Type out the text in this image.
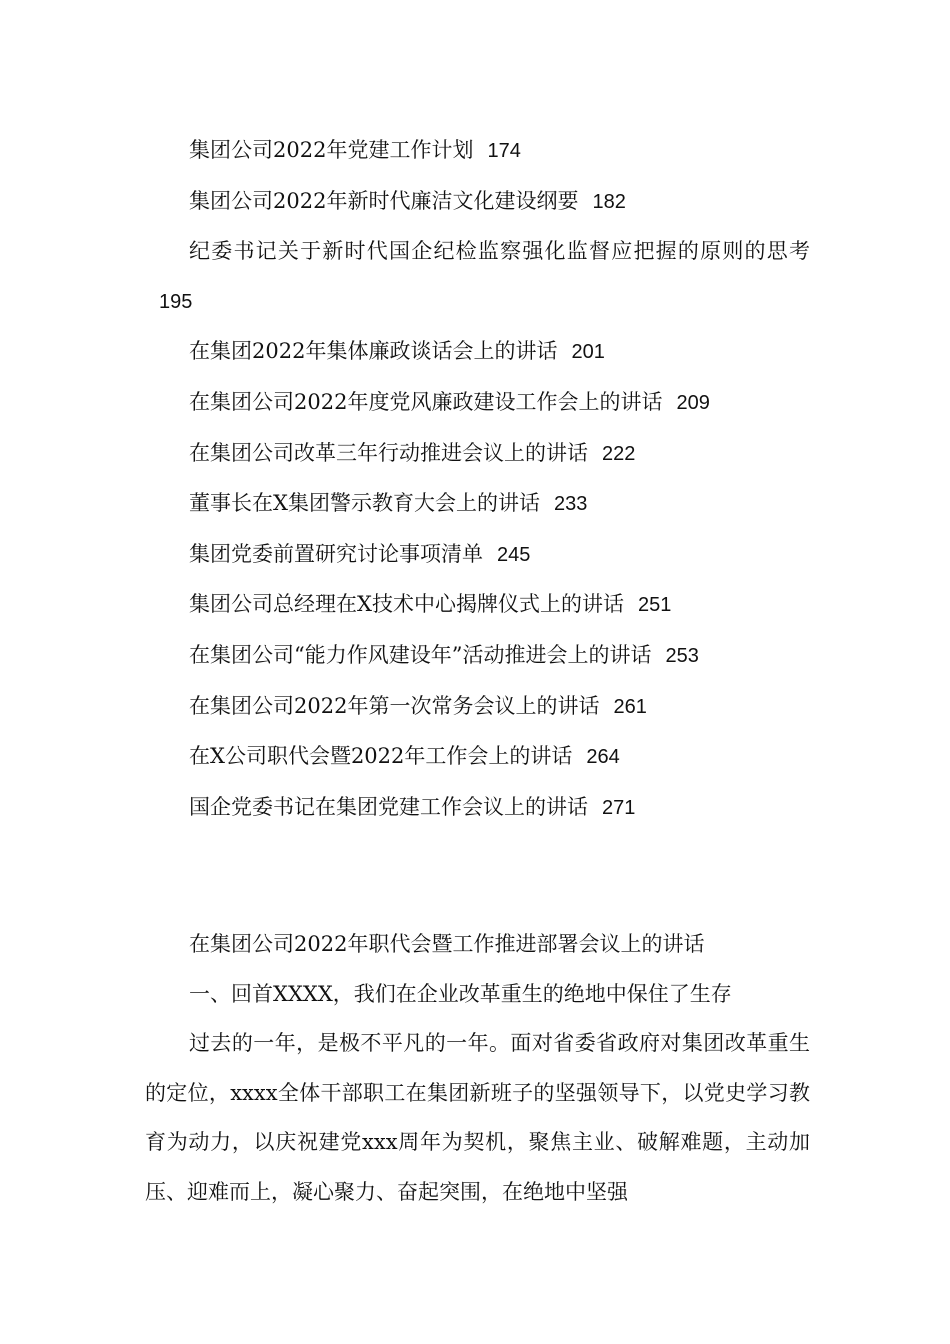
集团公司2022年党建工作计划 174
集团公司2022年新时代廉洁文化建设纲要 182
纪委书记关于新时代国企纪检监察强化监督应把握的原则的思考195
在集团2022年集体廉政谈话会上的讲话 201
在集团公司2022年度党风廉政建设工作会上的讲话 209
在集团公司改革三年行动推进会议上的讲话 222
董事长在X集团警示教育大会上的讲话 233
集团党委前置研究讨论事项清单 245
集团公司总经理在X技术中心揭牌仪式上的讲话 251
在集团公司“能力作风建设年”活动推进会上的讲话 253
在集团公司2022年第一次常务会议上的讲话 261
在X公司职代会暨2022年工作会上的讲话 264
国企党委书记在集团党建工作会议上的讲话 271

在集团公司2022年职代会暨工作推进部署会议上的讲话

一、回首XXXX，我们在企业改革重生的绝地中保住了生存

过去的一年，是极不平凡的一年。面对省委省政府对集团改革重生的定位，xxxx全体干部职工在集团新班子的坚强领导下，以党史学习教育为动力，以庆祝建党xxx周年为契机，聚焦主业、破解难题，主动加压、迎难而上，凝心聚力、奋起突围，在绝地中坚强
